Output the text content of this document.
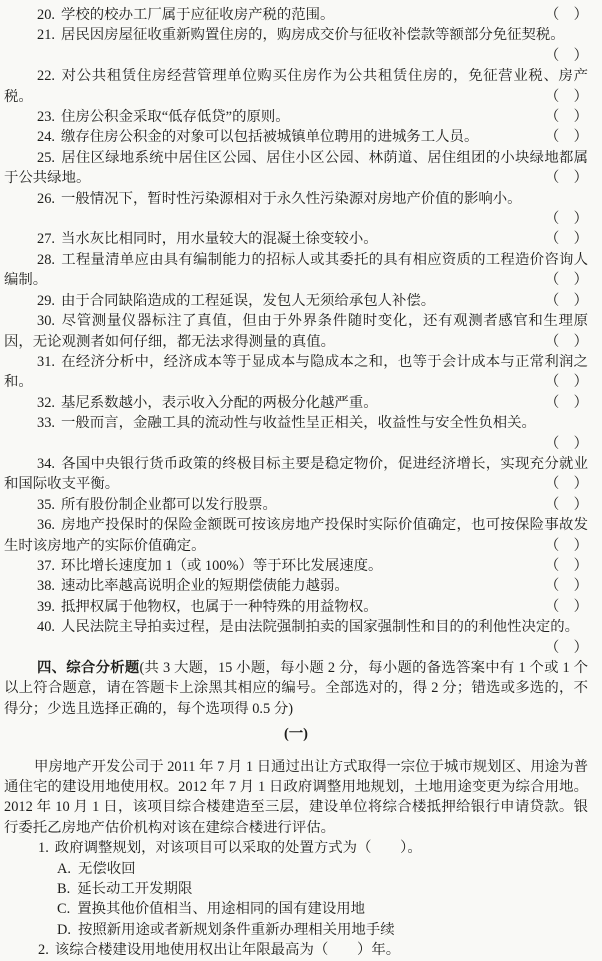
20. 学校的校办工厂属于应征收房产税的范围。	（　）

21. 居民因房屋征收重新购置住房的，购房成交价与征收补偿款等额部分免征契税。
（　）

22. 对公共租赁住房经营管理单位购买住房作为公共租赁住房的，免征营业税、房产税。	（　）

23. 住房公积金采取“低存低贷”的原则。	（　）

24. 缴存住房公积金的对象可以包括被城镇单位聘用的进城务工人员。	（　）

25. 居住区绿地系统中居住区公园、居住小区公园、林荫道、居住组团的小块绿地都属于公共绿地。	（　）

26. 一般情况下，暂时性污染源相对于永久性污染源对房地产价值的影响小。
（　）

27. 当水灰比相同时，用水量较大的混凝土徐变较小。	（　）

28. 工程量清单应由具有编制能力的招标人或其委托的具有相应资质的工程造价咨询人编制。	（　）

29. 由于合同缺陷造成的工程延误，发包人无须给承包人补偿。	（　）

30. 尽管测量仪器标注了真值，但由于外界条件随时变化，还有观测者感官和生理原因，无论观测者如何仔细，都无法求得测量的真值。	（　）

31. 在经济分析中，经济成本等于显成本与隐成本之和，也等于会计成本与正常利润之和。	（　）

32. 基尼系数越小，表示收入分配的两极分化越严重。	（　）

33. 一般而言，金融工具的流动性与收益性呈正相关，收益性与安全性负相关。
（　）

34. 各国中央银行货币政策的终极目标主要是稳定物价，促进经济增长，实现充分就业和国际收支平衡。	（　）

35. 所有股份制企业都可以发行股票。	（　）

36. 房地产投保时的保险金额既可按该房地产投保时实际价值确定，也可按保险事故发生时该房地产的实际价值确定。	（　）

37. 环比增长速度加 1（或 100%）等于环比发展速度。	（　）

38. 速动比率越高说明企业的短期偿债能力越弱。	（　）

39. 抵押权属于他物权，也属于一种特殊的用益物权。	（　）

40. 人民法院主导拍卖过程，是由法院强制拍卖的国家强制性和目的的利他性决定的。
（　）

四、综合分析题(共 3 大题，15 小题，每小题 2 分，每小题的备选答案中有 1 个或 1 个以上符合题意，请在答题卡上涂黑其相应的编号。全部选对的，得 2 分；错选或多选的，不得分；少选且选择正确的，每个选项得 0.5 分)

(一)

甲房地产开发公司于 2011 年 7 月 1 日通过出让方式取得一宗位于城市规划区、用途为普通住宅的建设用地使用权。2012 年 7 月 1 日政府调整用地规划，土地用途变更为综合用地。2012 年 10 月 1 日，该项目综合楼建造至三层，建设单位将综合楼抵押给银行申请贷款。银行委托乙房地产估价机构对该在建综合楼进行评估。

1. 政府调整规划，对该项目可以采取的处置方式为（　　）。

A. 无偿收回

B. 延长动工开发期限

C. 置换其他价值相当、用途相同的国有建设用地

D. 按照新用途或者新规划条件重新办理相关用地手续

2. 该综合楼建设用地使用权出让年限最高为（　　）年。
